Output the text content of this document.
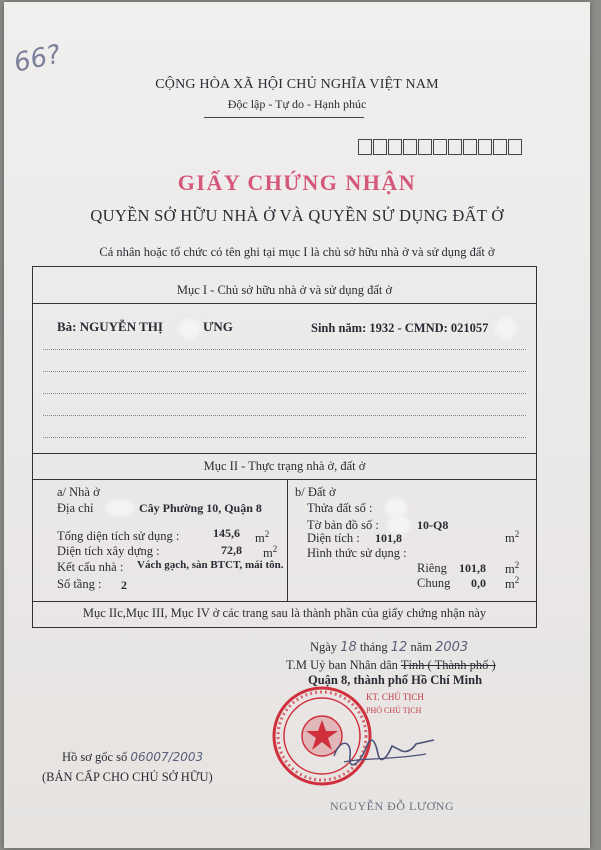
66?
CỘNG HÒA XÃ HỘI CHỦ NGHĨA VIỆT NAM
Độc lập - Tự do - Hạnh phúc
GIẤY CHỨNG NHẬN
QUYỀN SỞ HỮU NHÀ Ở VÀ QUYỀN SỬ DỤNG ĐẤT Ở
Cá nhân hoặc tổ chức có tên ghi tại mục I là chủ sở hữu nhà ở và sử dụng đất ở
Mục I - Chủ sở hữu nhà ở và sử dụng đất ở
Bà: NGUYỄN THỊ	ƯNG	Sinh năm: 1932 - CMND: 021057
Mục II - Thực trạng nhà ở, đất ở
a/ Nhà ở
Địa chỉ	Cây Phường 10, Quận 8
Tổng diện tích sử dụng :	145,6 $m^2$
Diện tích xây dựng :	72,8 $m^2$
Kết cấu nhà : Vách gạch, sàn BTCT, mái tôn.
Số tầng : 2
b/ Đất ở
Thửa đất số :
Tờ bản đồ số :	10-Q8
Diện tích : 101,8	$m^2$
Hình thức sử dụng :
Riêng 101,8 $m^2$
Chung 0,0 $m^2$
Mục IIc,Mục III, Mục IV ở các trang sau là thành phần của giấy chứng nhận này
Ngày 18 tháng 12 năm 2003
T.M Uỷ ban Nhân dân Tỉnh ( Thành phố )
Quận 8, thành phố Hồ Chí Minh
KT. CHỦ TỊCH
PHÓ CHỦ TỊCH
NGUYỄN ĐỖ LƯƠNG
Hồ sơ gốc số 06007/2003
(BẢN CẤP CHO CHỦ SỞ HỮU)
